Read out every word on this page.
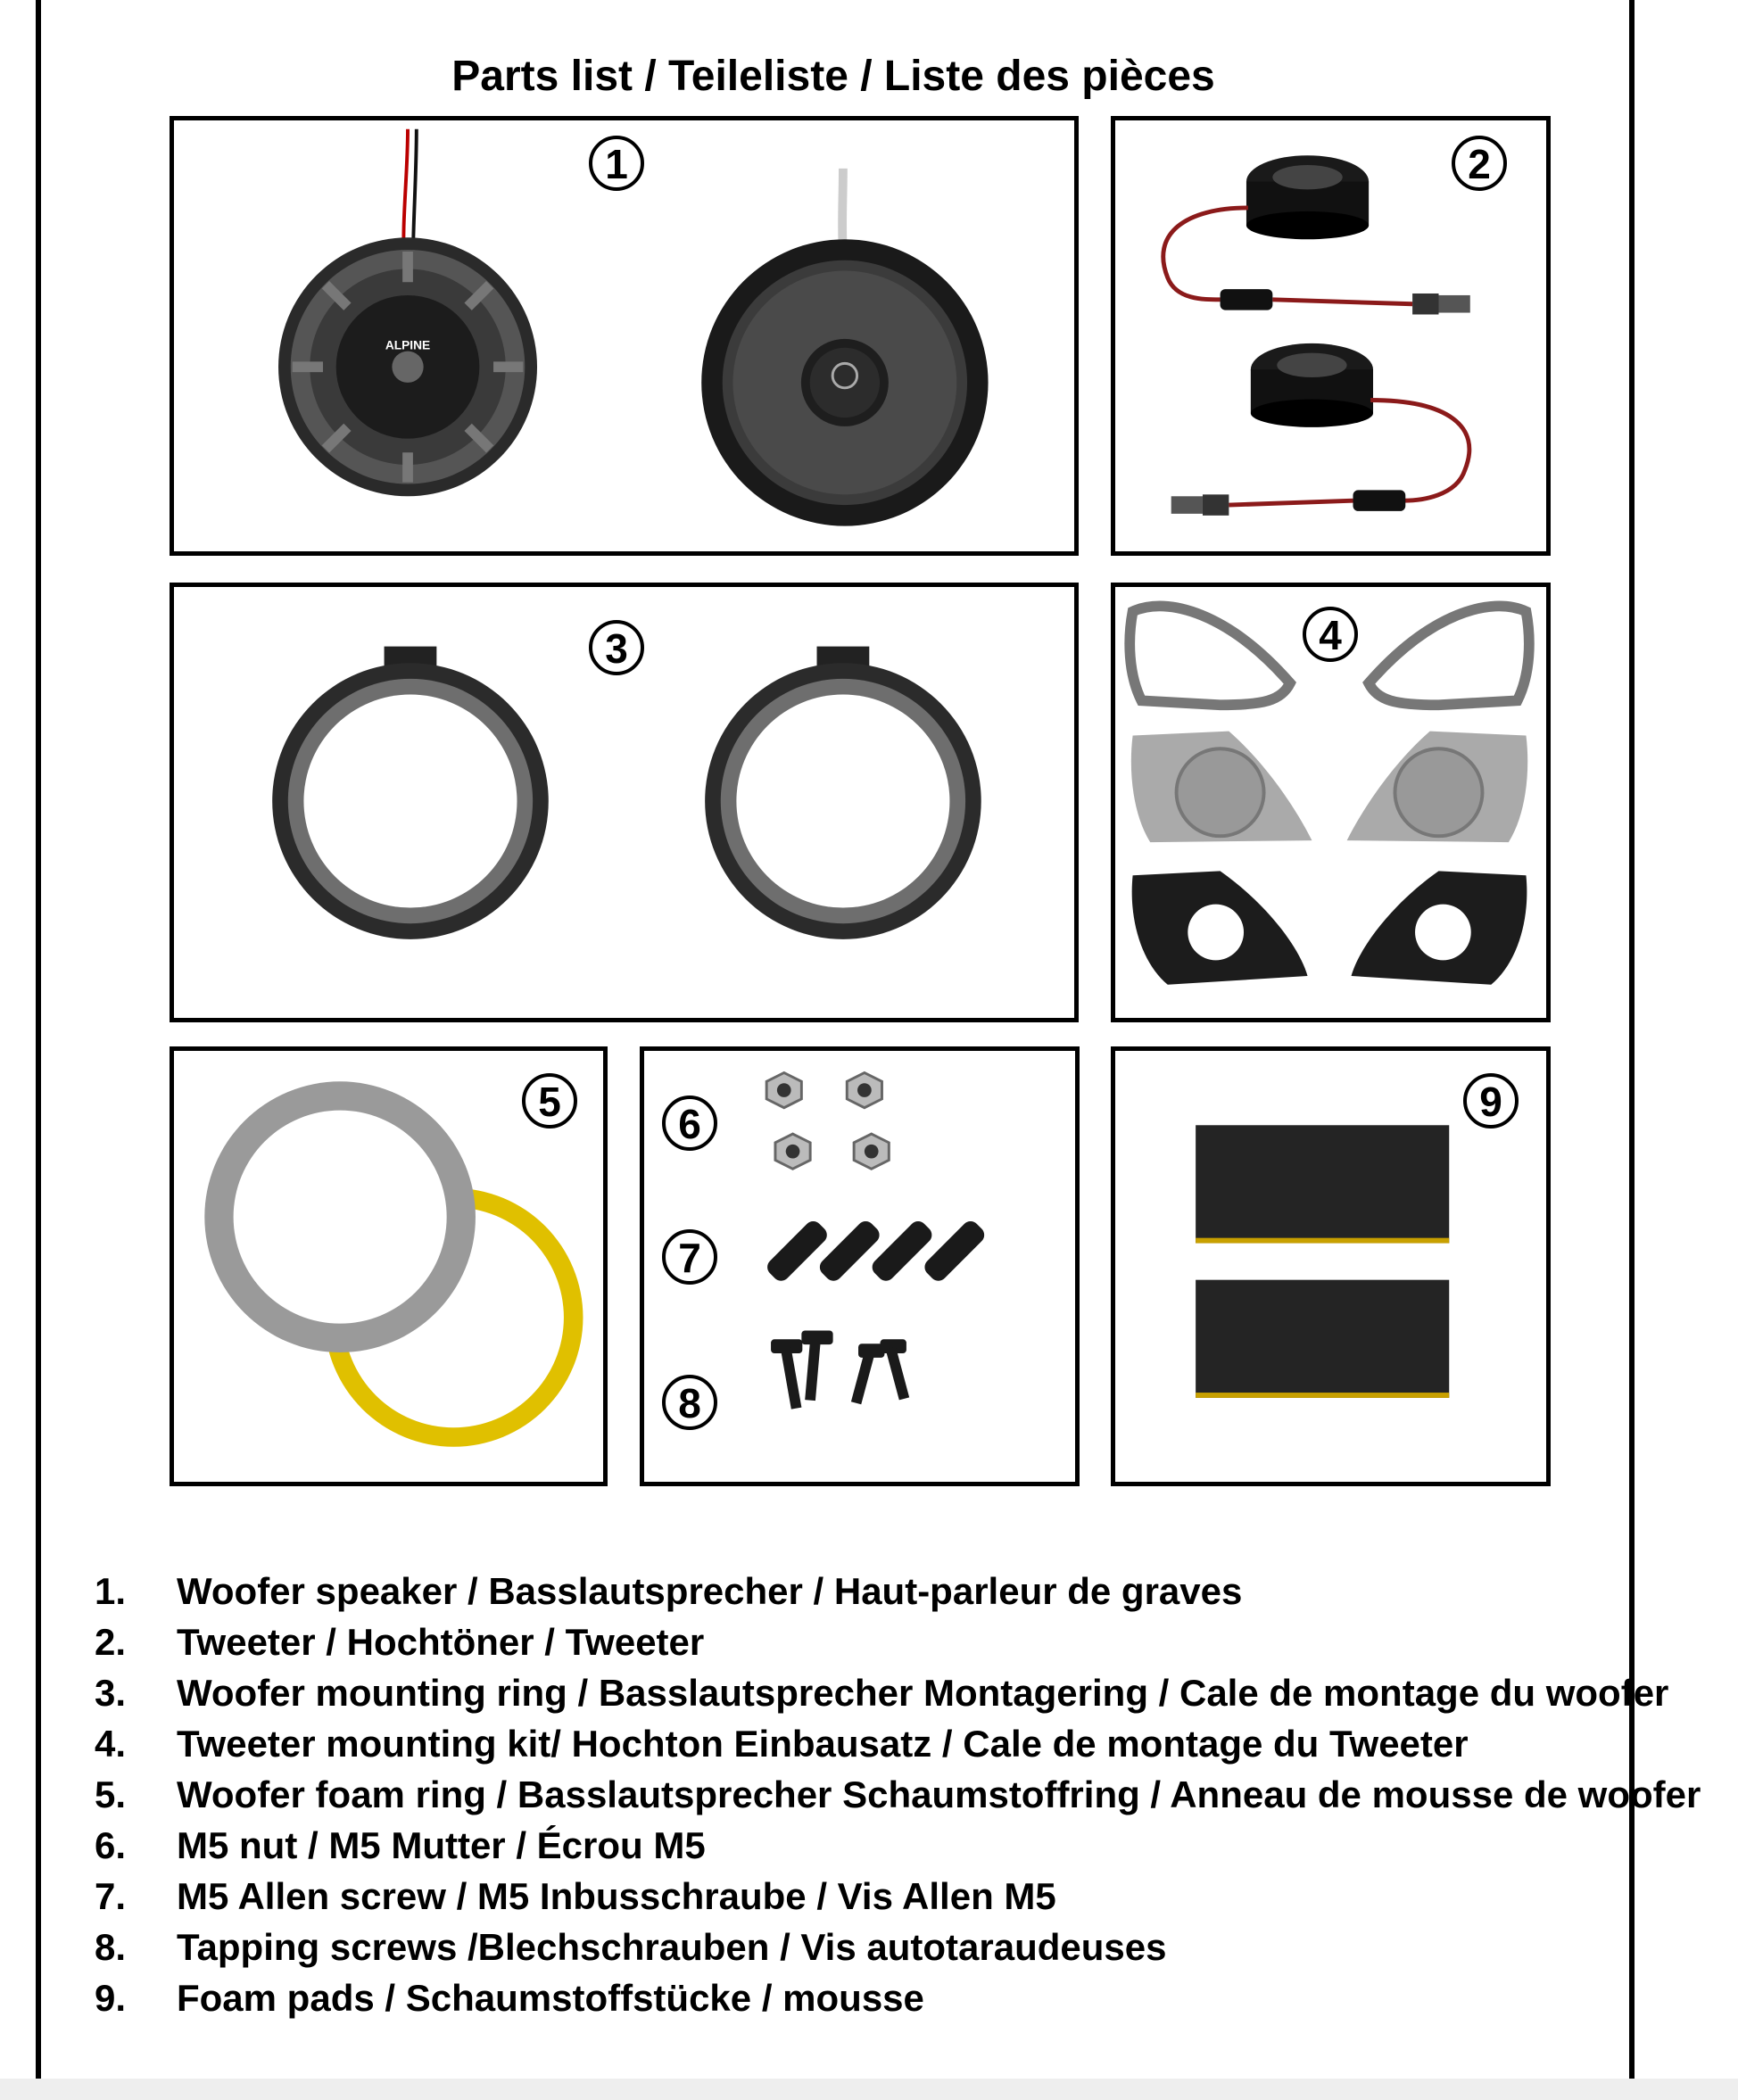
Parts list / Teileliste / Liste des pièces
ALPINE
1	2
3	4
5	6
7
8
9
1. Woofer speaker / Basslautsprecher / Haut-parleur de graves
2. Tweeter / Hochtöner / Tweeter
3. Woofer mounting ring / Basslautsprecher Montagering / Cale de montage du woofer
4. Tweeter mounting kit/ Hochton Einbausatz / Cale de montage du Tweeter
5. Woofer foam ring / Basslautsprecher Schaumstoffring / Anneau de mousse de woofer
6. M5 nut / M5 Mutter / Écrou M5
7. M5 Allen screw / M5 Inbusschraube / Vis Allen M5
8. Tapping screws /Blechschrauben / Vis autotaraudeuses
9. Foam pads / Schaumstoffstücke / mousse
